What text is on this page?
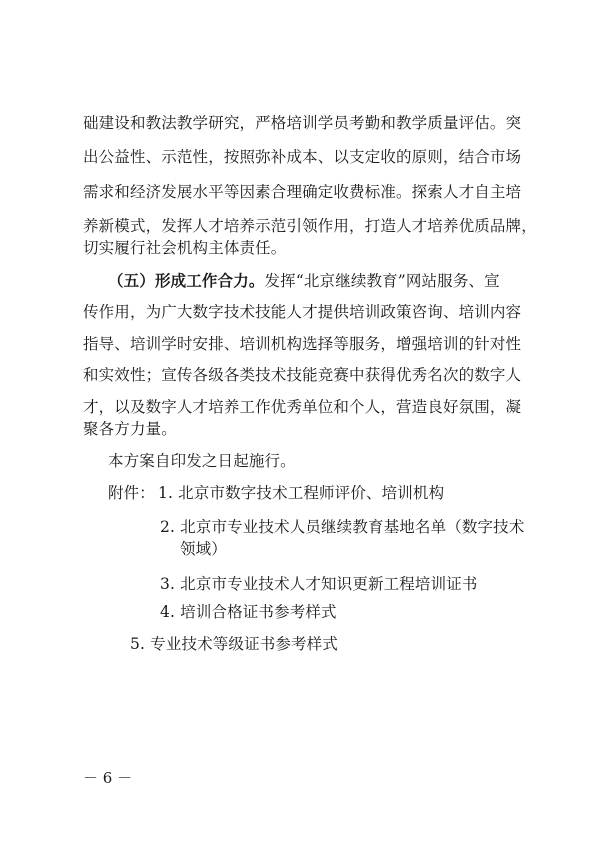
础建设和教法教学研究，严格培训学员考勤和教学质量评估。突
出公益性、示范性，按照弥补成本、以支定收的原则，结合市场
需求和经济发展水平等因素合理确定收费标准。探索人才自主培
养新模式，发挥人才培养示范引领作用，打造人才培养优质品牌，
切实履行社会机构主体责任。
（五）形成工作合力。发挥“北京继续教育”网站服务、宣
传作用，为广大数字技术技能人才提供培训政策咨询、培训内容
指导、培训学时安排、培训机构选择等服务，增强培训的针对性
和实效性；宣传各级各类技术技能竞赛中获得优秀名次的数字人
才，以及数字人才培养工作优秀单位和个人，营造良好氛围，凝
聚各方力量。
本方案自印发之日起施行。
附件： 1. 北京市数字技术工程师评价、培训机构
2. 北京市专业技术人员继续教育基地名单（数字技术
领域）
3. 北京市专业技术人才知识更新工程培训证书
4. 培训合格证书参考样式
5. 专业技术等级证书参考样式
－ 6 －
